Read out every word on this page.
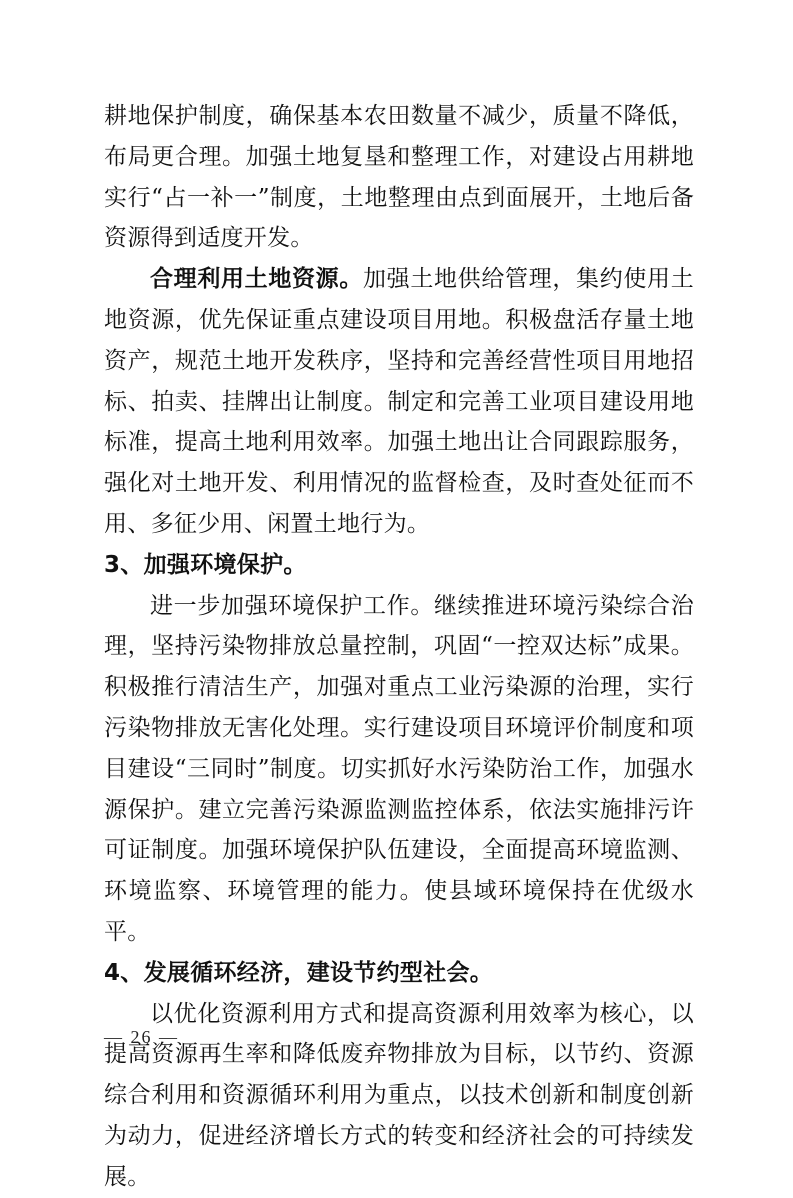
耕地保护制度，确保基本农田数量不减少，质量不降低，布局更合理。加强土地复垦和整理工作，对建设占用耕地实行“占一补一”制度，土地整理由点到面展开，土地后备资源得到适度开发。

合理利用土地资源。加强土地供给管理，集约使用土地资源，优先保证重点建设项目用地。积极盘活存量土地资产，规范土地开发秩序，坚持和完善经营性项目用地招标、拍卖、挂牌出让制度。制定和完善工业项目建设用地标准，提高土地利用效率。加强土地出让合同跟踪服务，强化对土地开发、利用情况的监督检查，及时查处征而不用、多征少用、闲置土地行为。

3、加强环境保护。

进一步加强环境保护工作。继续推进环境污染综合治理，坚持污染物排放总量控制，巩固“一控双达标”成果。积极推行清洁生产，加强对重点工业污染源的治理，实行污染物排放无害化处理。实行建设项目环境评价制度和项目建设“三同时”制度。切实抓好水污染防治工作，加强水源保护。建立完善污染源监测监控体系，依法实施排污许可证制度。加强环境保护队伍建设，全面提高环境监测、环境监察、环境管理的能力。使县域环境保持在优级水平。

4、发展循环经济，建设节约型社会。

以优化资源利用方式和提高资源利用效率为核心，以提高资源再生率和降低废弃物排放为目标，以节约、资源综合利用和资源循环利用为重点，以技术创新和制度创新为动力，促进经济增长方式的转变和经济社会的可持续发展。

— 26 —
